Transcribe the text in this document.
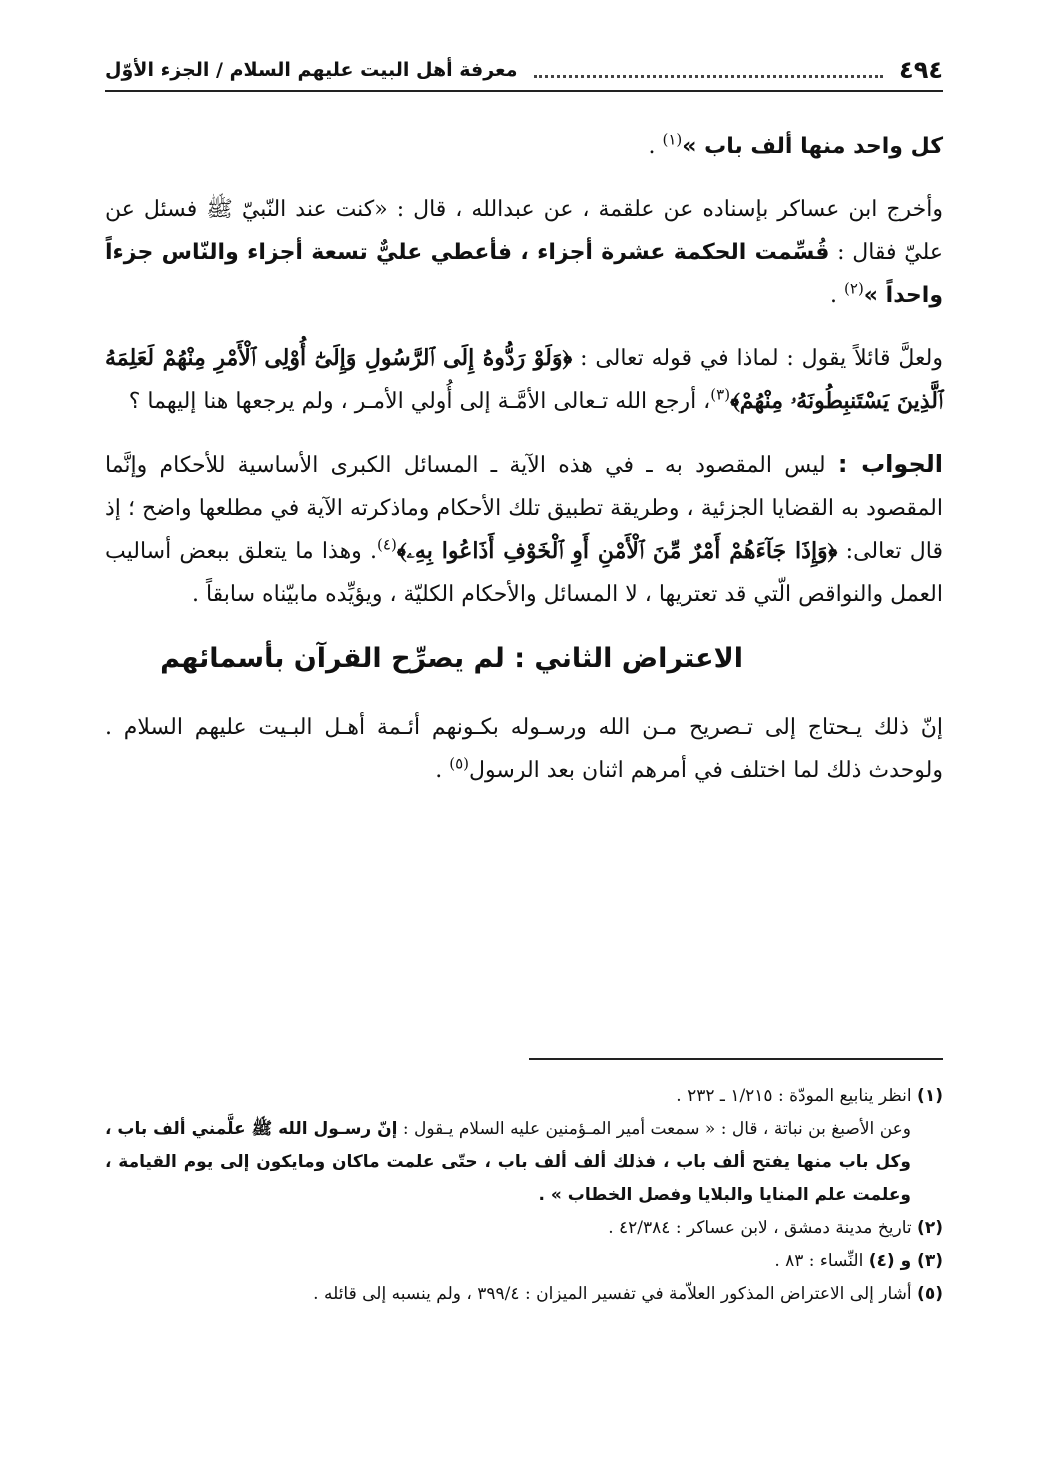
٤٩٤
معرفة أهل البيت عليهم السلام / الجزء الأوّل

كل واحد منها ألف باب »$^{(١)}$ .

وأخرج ابن عساكر بإسناده عن علقمة ، عن عبدالله ، قال : «كنت عند النّبيّ ﷺ فسئل عن عليّ فقال : قُسِّمت الحكمة عشرة أجزاء ، فأعطي عليٌّ تسعة أجزاء والنّاس جزءاً واحداً »$^{(٢)}$ .

ولعلَّ قائلاً يقول : لماذا في قوله تعالى : ﴿وَلَوْ رَدُّوهُ إِلَى ٱلرَّسُولِ وَإِلَىٰٓ أُوْلِى ٱلْأَمْرِ مِنْهُمْ لَعَلِمَهُ ٱلَّذِينَ يَسْتَنبِطُونَهُۥ مِنْهُمْ﴾$^{(٣)}$، أرجع الله تـعالى الأمَّـة إلى أُولي الأمـر ، ولم يرجعها هنا إليهما ؟

الجواب : ليس المقصود به ـ في هذه الآية ـ المسائل الكبرى الأساسية للأحكام وإنَّما المقصود به القضايا الجزئية ، وطريقة تطبيق تلك الأحكام وماذكرته الآية في مطلعها واضح ؛ إذ قال تعالى: ﴿وَإِذَا جَآءَهُمْ أَمْرٌ مِّنَ ٱلْأَمْنِ أَوِ ٱلْخَوْفِ أَذَاعُوا بِهِۦ﴾$^{(٤)}$. وهذا ما يتعلق ببعض أساليب العمل والنواقص الّتي قد تعتريها ، لا المسائل والأحكام الكليّة ، ويؤيِّده مابيّناه سابقاً .

الاعتراض الثاني : لم يصرِّح القرآن بأسمائهم

إنّ ذلك يـحتاج إلى تـصريح مـن الله ورسـوله بكـونهم أئـمة أهـل البـيت عليهم السلام . ولوحدث ذلك لما اختلف في أمرهم اثنان بعد الرسول$^{(٥)}$ .

(١) انظر ينابيع المودّة : ١/٢١٥ ـ ٢٣٢ .

وعن الأصبغ بن نباتة ، قال : « سمعت أمير المـؤمنين عليه السلام يـقول : إنّ رسـول الله ﷺ علَّمني ألف باب ، وكل باب منها يفتح ألف باب ، فذلك ألف ألف باب ، حتّى علمت ماكان ومايكون إلى يوم القيامة ، وعلمت علم المنايا والبلايا وفصل الخطاب » .

(٢) تاريخ مدينة دمشق ، لابن عساكر : ٤٢/٣٨٤ .

(٣) و (٤) النِّساء : ٨٣ .

(٥) أشار إلى الاعتراض المذكور العلاّمة في تفسير الميزان : ٣٩٩/٤ ، ولم ينسبه إلى قائله .
